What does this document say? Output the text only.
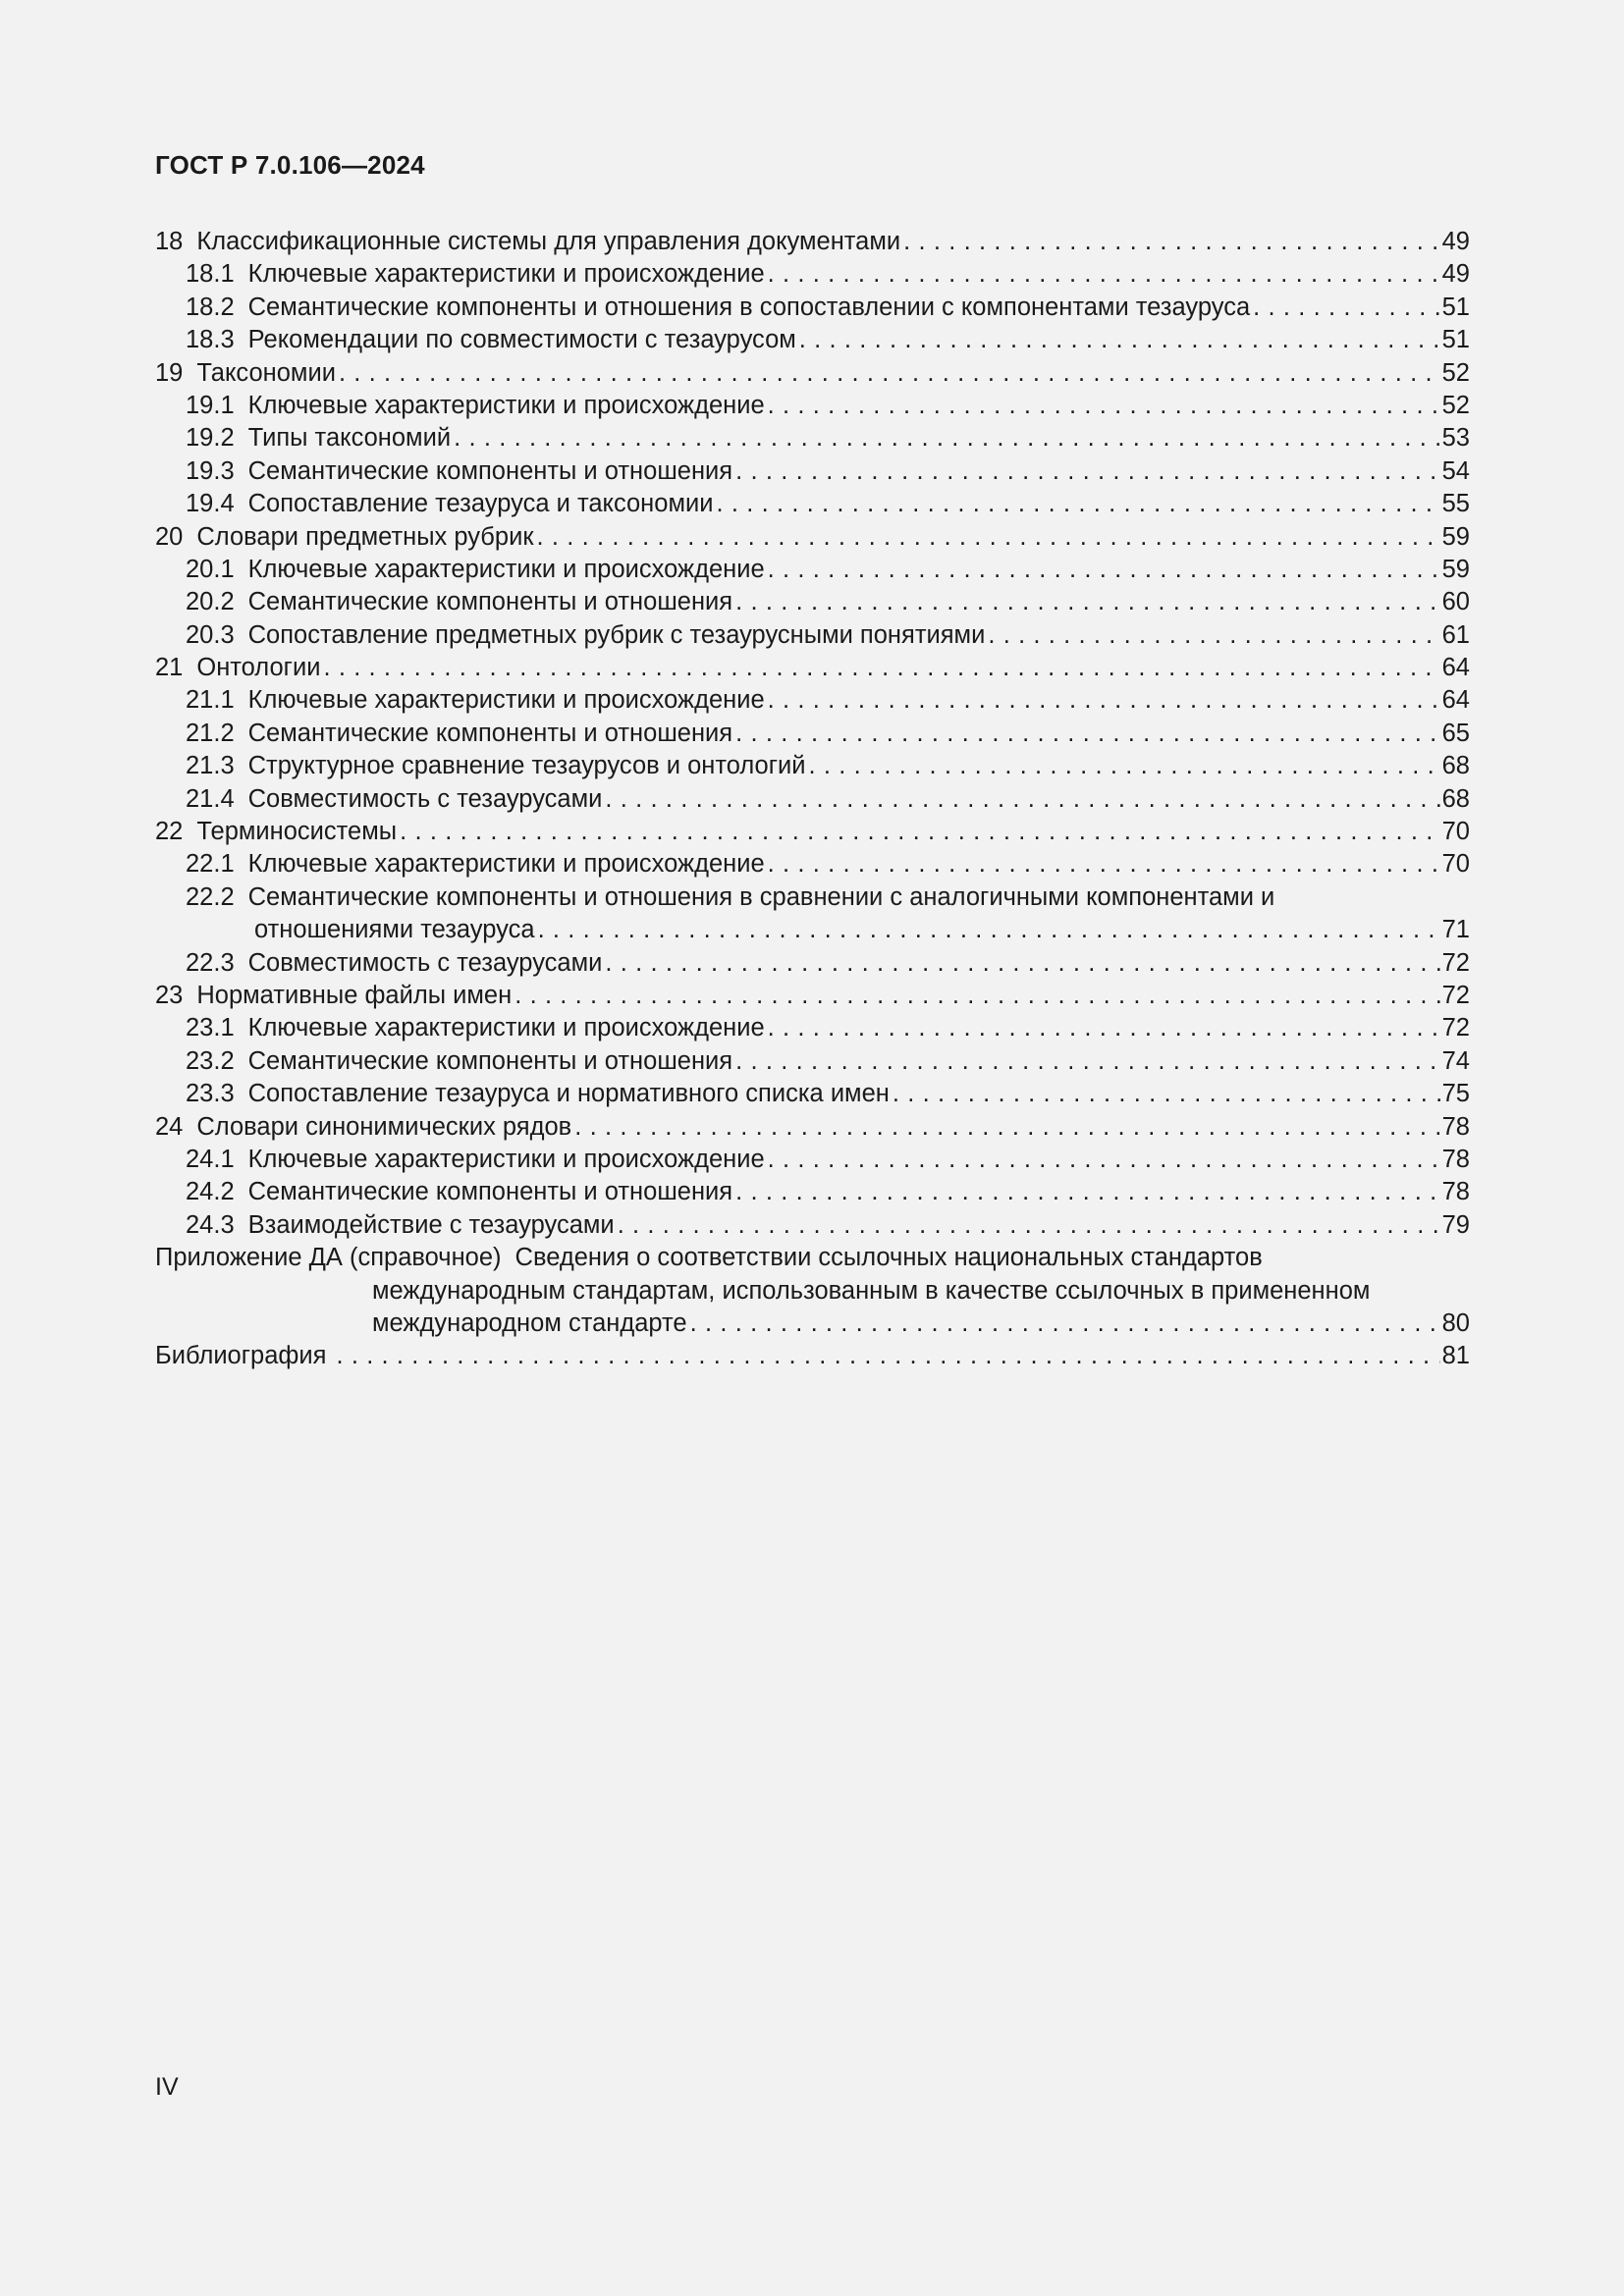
ГОСТ Р 7.0.106—2024
18 Классификационные системы для управления документами . . .	49
18.1 Ключевые характеристики и происхождение . . .	49
18.2 Семантические компоненты и отношения в сопоставлении с компонентами тезауруса . . .	51
18.3 Рекомендации по совместимости с тезаурусом . . .	51
19 Таксономии . . .	52
19.1 Ключевые характеристики и происхождение . . .	52
19.2 Типы таксономий . . .	53
19.3 Семантические компоненты и отношения . . .	54
19.4 Сопоставление тезауруса и таксономии . . .	55
20 Словари предметных рубрик . . .	59
20.1 Ключевые характеристики и происхождение . . .	59
20.2 Семантические компоненты и отношения . . .	60
20.3 Сопоставление предметных рубрик с тезаурусными понятиями . . .	61
21 Онтологии . . .	64
21.1 Ключевые характеристики и происхождение . . .	64
21.2 Семантические компоненты и отношения . . .	65
21.3 Структурное сравнение тезаурусов и онтологий . . .	68
21.4 Совместимость с тезаурусами . . .	68
22 Терминосистемы . . .	70
22.1 Ключевые характеристики и происхождение . . .	70
22.2 Семантические компоненты и отношения в сравнении с аналогичными компонентами и
отношениями тезауруса . . .	71
22.3 Совместимость с тезаурусами . . .	72
23 Нормативные файлы имен . . .	72
23.1 Ключевые характеристики и происхождение . . .	72
23.2 Семантические компоненты и отношения . . .	74
23.3 Сопоставление тезауруса и нормативного списка имен . . .	75
24 Словари синонимических рядов . . .	78
24.1 Ключевые характеристики и происхождение . . .	78
24.2 Семантические компоненты и отношения . . .	78
24.3 Взаимодействие с тезаурусами . . .	79
Приложение ДА (справочное) Сведения о соответствии ссылочных национальных стандартов
международным стандартам, использованным в качестве ссылочных в примененном
международном стандарте . . .	80
Библиография . . .	81
IV
